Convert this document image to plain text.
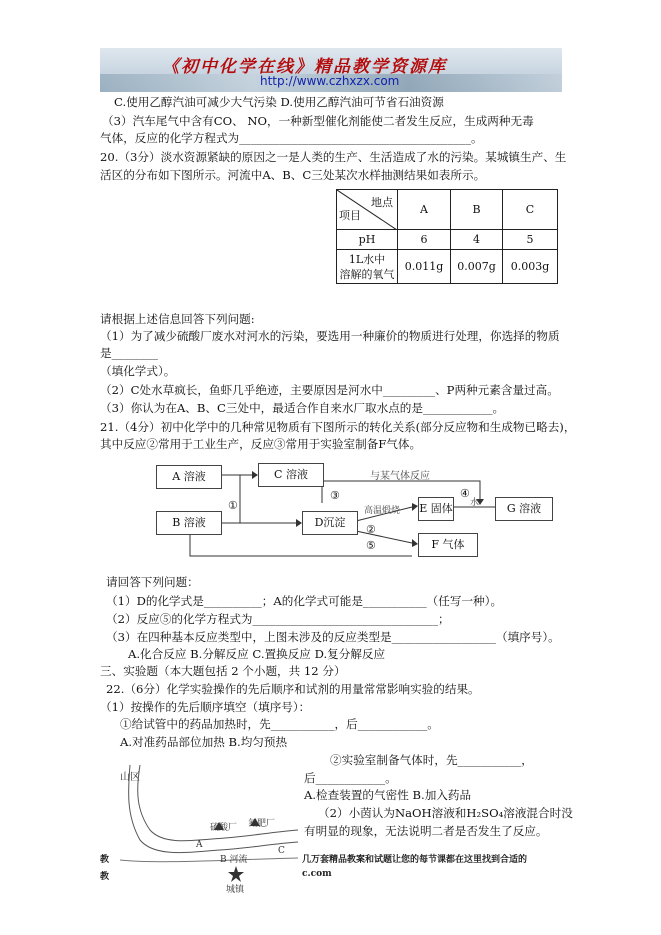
《初中化学在线》精品教学资源库
http://www.czhxzx.com
C.使用乙醇汽油可减少大气污染 D.使用乙醇汽油可节省石油资源
（3）汽车尾气中含有CO、 NO，一种新型催化剂能使二者发生反应，生成两种无毒
气体，反应的化学方程式为________________________________________。
20.（3分）淡水资源紧缺的原因之一是人类的生产、生活造成了水的污染。某城镇生产、生
活区的分布如下图所示。河流中A、B、C三处某次水样抽测结果如表所示。
地点
项目	A	B	C
pH	6	4	5
1L水中
溶解的氧气	0.011g	0.007g	0.003g
请根据上述信息回答下列问题:
（1）为了减少硫酸厂废水对河水的污染，要选用一种廉价的物质进行处理，你选择的物质
是________
（填化学式）。
（2）C处水草疯长，鱼虾几乎绝迹，主要原因是河水中_________、P两种元素含量过高。
（3）你认为在A、B、C三处中，最适合作自来水厂取水点的是____________。
21.（4分）初中化学中的几种常见物质有下图所示的转化关系(部分反应物和生成物已略去)，
其中反应②常用于工业生产，反应③常用于实验室制备F气体。
A 溶液	C 溶液
B 溶液	D沉淀
E 固体	G 溶液
F 气体
与某气体反应
高温煅烧
水
①
②
③	④
⑤
请回答下列问题：
（1）D的化学式是__________；A的化学式可能是___________（任写一种）。
（2）反应⑤的化学方程式为________________________________；
（3）在四种基本反应类型中，上图未涉及的反应类型是__________________（填序号）。
A.化合反应 B.分解反应 C.置换反应 D.复分解反应
三、实验题（本大题包括 2 个小题，共 12 分）
22.（6分）化学实验操作的先后顺序和试剂的用量常常影响实验的结果。
（1）按操作的先后顺序填空（填序号）：
①给试管中的药品加热时，先___________，后____________。
A.对准药品部位加热 B.均匀预热
②实验室制备气体时，先___________，
后____________。
A.检查装置的气密性 B.加入药品
（2）小茵认为NaOH溶液和H₂SO₄溶液混合时没
有明显的现象，无法说明二者是否发生了反应。
山区
硫酸厂 氮肥厂
A
B 河流
C
城镇
教	几万套精品教案和试题让您的每节课都在这里找到合适的
教	c.com
